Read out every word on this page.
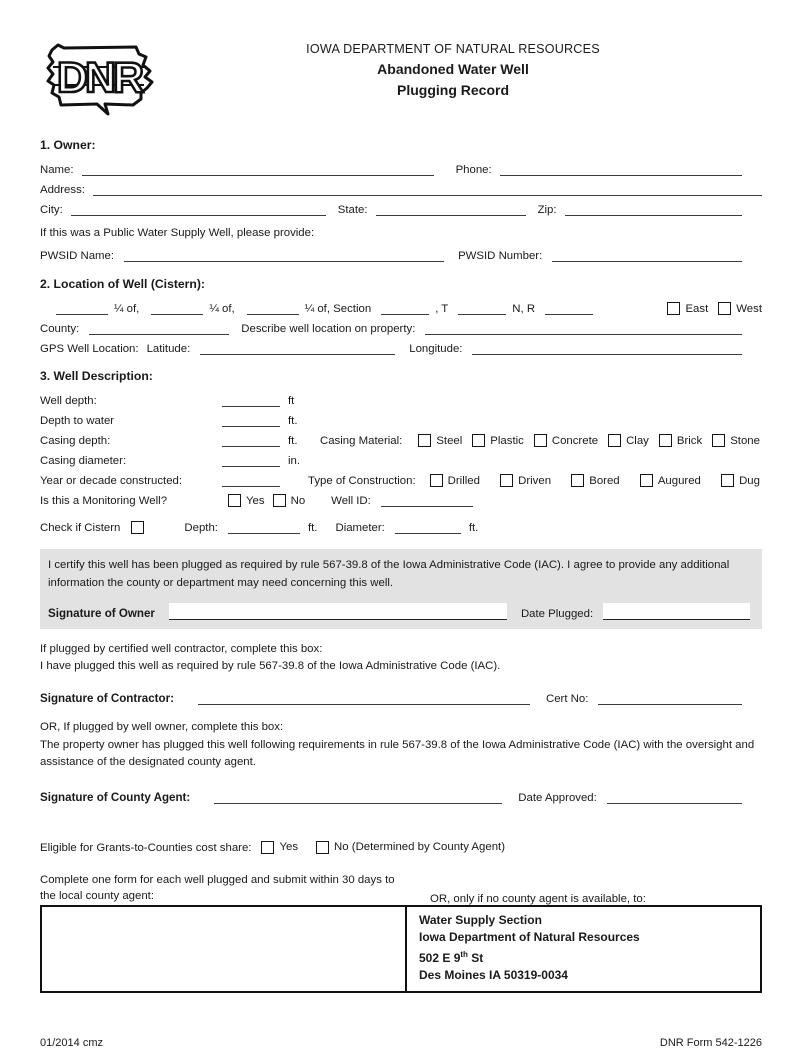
DNR
IOWA DEPARTMENT OF NATURAL RESOURCES
Abandoned Water Well
Plugging Record
1. Owner:
Name:	Phone:
Address:
City:	State:	Zip:
If this was a Public Water Supply Well, please provide:
PWSID Name:	PWSID Number:
2. Location of Well (Cistern):
¼ of,	¼ of,	¼ of, Section	, T	N, R	East West
County:	Describe well location on property:
GPS Well Location: Latitude:	Longitude:
3. Well Description:
Well depth:	ft
Depth to water	ft.
Casing depth:	ft.	Casing Material:	Steel Plastic Concrete Clay Brick Stone
Casing diameter:	in.
Year or decade constructed:	Type of Construction:	Drilled	Driven	Bored	Augured	Dug
Is this a Monitoring Well?	Yes No Well ID:
Check if Cistern	Depth:	ft. Diameter:	ft.

I certify this well has been plugged as required by rule 567-39.8 of the Iowa Administrative Code (IAC). I agree to provide any additional information the county or department may need concerning this well.

Signature of Owner	Date Plugged:
If plugged by certified well contractor, complete this box:
I have plugged this well as required by rule 567-39.8 of the Iowa Administrative Code (IAC).
Signature of Contractor:	Cert No:
OR, If plugged by well owner, complete this box:
The property owner has plugged this well following requirements in rule 567-39.8 of the Iowa Administrative Code (IAC) with the oversight and assistance of the designated county agent.
Signature of County Agent:	Date Approved:
Eligible for Grants-to-Counties cost share: Yes	No (Determined by County Agent)
Complete one form for each well plugged and submit within 30 days to the local county agent:	OR, only if no county agent is available, to:
Water Supply Section
Iowa Department of Natural Resources
502 E 9th St
Des Moines IA 50319-0034
01/2014 cmz	DNR Form 542-1226
